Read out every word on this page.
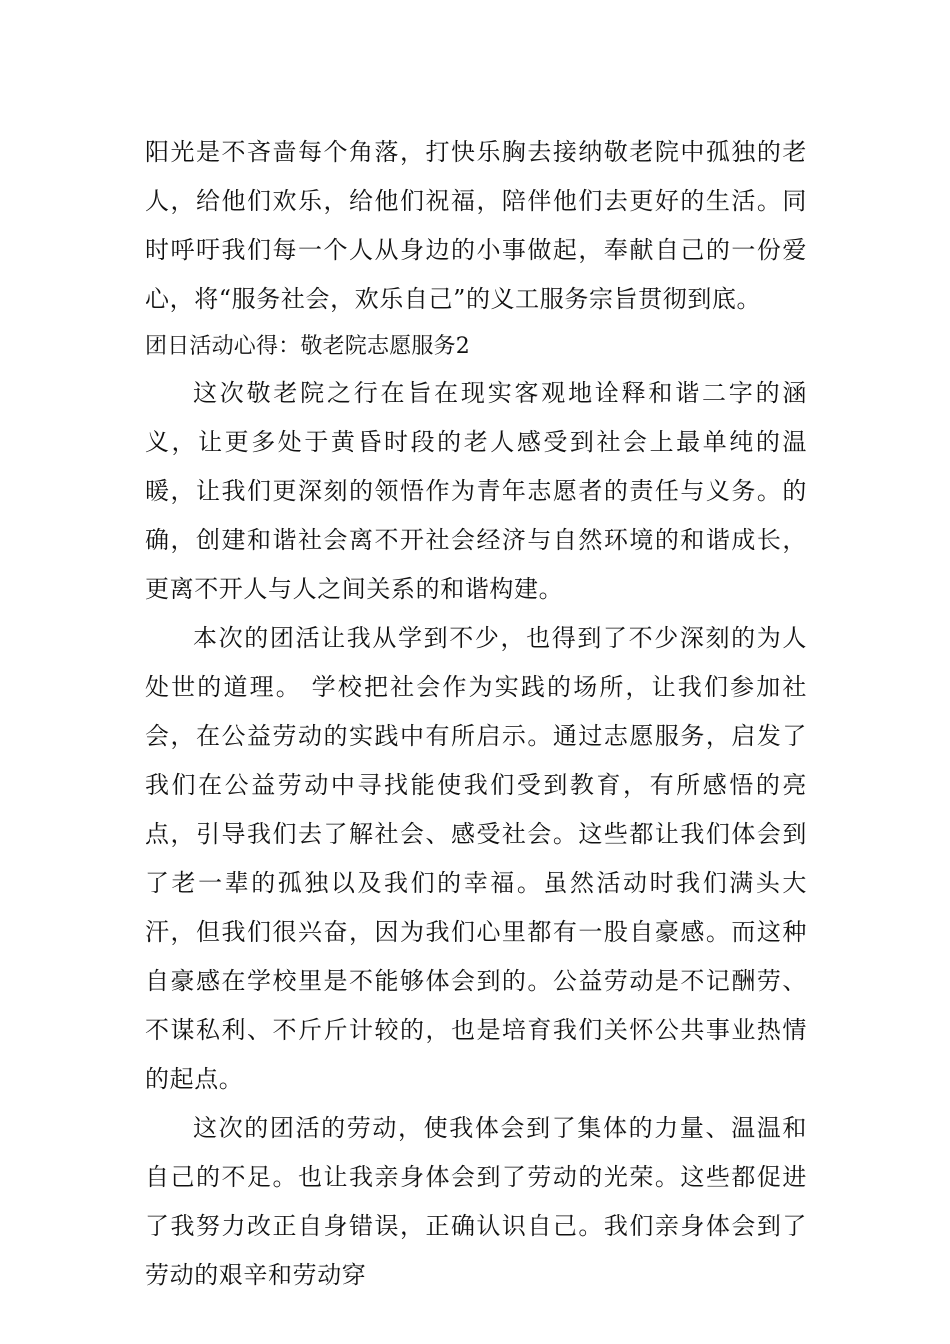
阳光是不吝啬每个角落，打快乐胸去接纳敬老院中孤独的老人，给他们欢乐，给他们祝福，陪伴他们去更好的生活。同时呼吁我们每一个人从身边的小事做起，奉献自己的一份爱心，将“服务社会，欢乐自己”的义工服务宗旨贯彻到底。

团日活动心得：敬老院志愿服务2

这次敬老院之行在旨在现实客观地诠释和谐二字的涵义，让更多处于黄昏时段的老人感受到社会上最单纯的温暖，让我们更深刻的领悟作为青年志愿者的责任与义务。的确，创建和谐社会离不开社会经济与自然环境的和谐成长，更离不开人与人之间关系的和谐构建。

本次的团活让我从学到不少，也得到了不少深刻的为人处世的道理。 学校把社会作为实践的场所，让我们参加社会，在公益劳动的实践中有所启示。通过志愿服务，启发了我们在公益劳动中寻找能使我们受到教育，有所感悟的亮点，引导我们去了解社会、感受社会。这些都让我们体会到了老一辈的孤独以及我们的幸福。虽然活动时我们满头大汗，但我们很兴奋，因为我们心里都有一股自豪感。而这种自豪感在学校里是不能够体会到的。公益劳动是不记酬劳、不谋私利、不斤斤计较的，也是培育我们关怀公共事业热情的起点。

这次的团活的劳动，使我体会到了集体的力量、温温和自己的不足。也让我亲身体会到了劳动的光荣。这些都促进了我努力改正自身错误，正确认识自己。我们亲身体会到了劳动的艰辛和劳动穿
